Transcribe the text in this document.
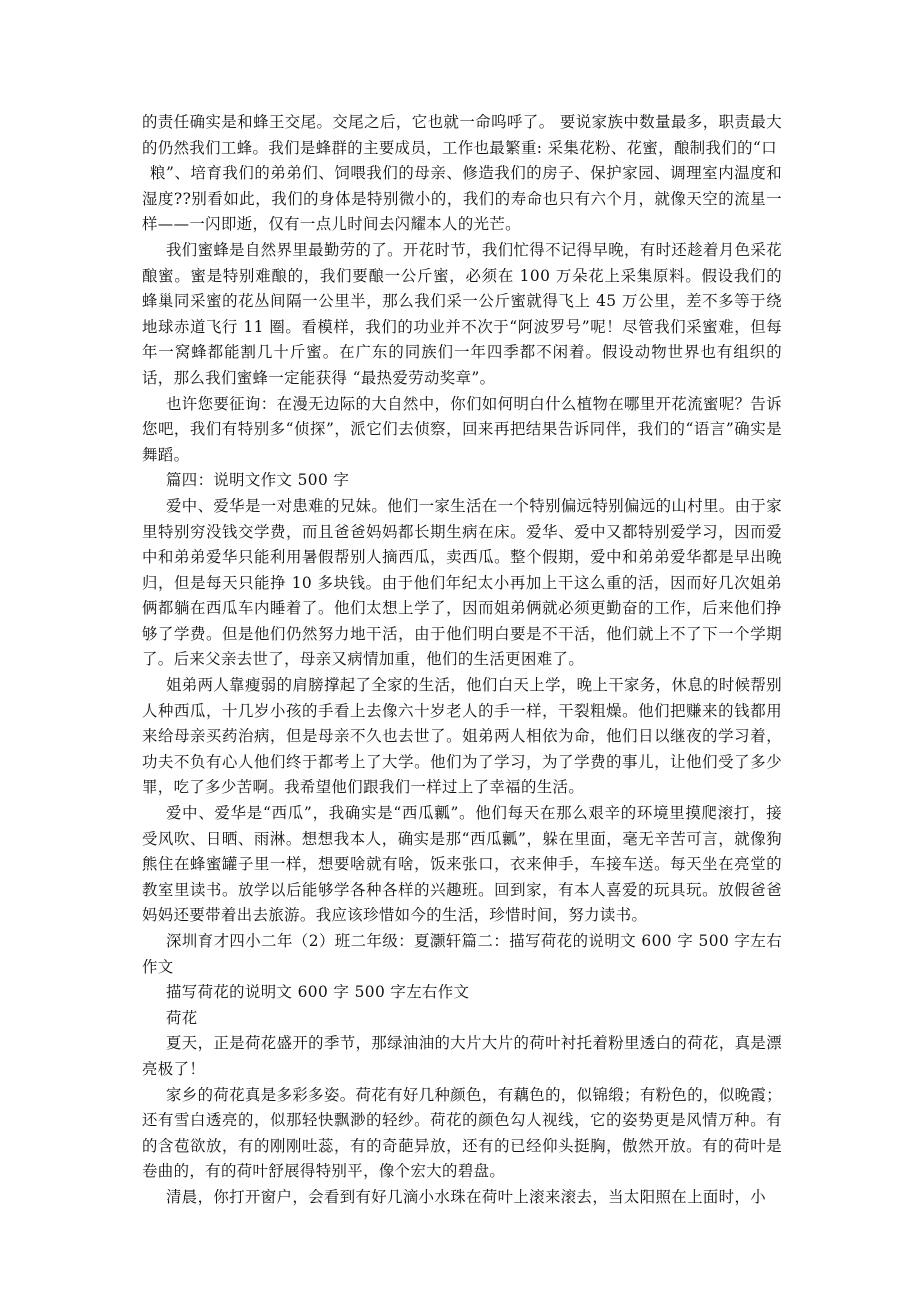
的责任确实是和蜂王交尾。交尾之后，它也就一命呜呼了。 要说家族中数量最多，职责最大的仍然我们工蜂。我们是蜂群的主要成员，工作也最繁重: 采集花粉、花蜜，酿制我们的“口

粮”、培育我们的弟弟们、饲喂我们的母亲、修造我们的房子、保护家园、调理室内温度和湿度??别看如此，我们的身体是特别微小的，我们的寿命也只有六个月，就像天空的流星一样——一闪即逝，仅有一点儿时间去闪耀本人的光芒。

我们蜜蜂是自然界里最勤劳的了。开花时节，我们忙得不记得早晚，有时还趁着月色采花酿蜜。蜜是特别难酿的，我们要酿一公斤蜜，必须在 100 万朵花上采集原料。假设我们的蜂巢同采蜜的花丛间隔一公里半，那么我们采一公斤蜜就得飞上 45 万公里，差不多等于绕地球赤道飞行 11 圈。看模样，我们的功业并不次于“阿波罗号”呢！尽管我们采蜜难，但每年一窝蜂都能割几十斤蜜。在广东的同族们一年四季都不闲着。假设动物世界也有组织的话，那么我们蜜蜂一定能获得 “最热爱劳动奖章”。

也许您要征询：在漫无边际的大自然中，你们如何明白什么植物在哪里开花流蜜呢？告诉您吧，我们有特别多“侦探”，派它们去侦察，回来再把结果告诉同伴，我们的“语言”确实是舞蹈。

篇四：说明文作文 500 字

爱中、爱华是一对患难的兄妹。他们一家生活在一个特别偏远特别偏远的山村里。由于家里特别穷没钱交学费，而且爸爸妈妈都长期生病在床。爱华、爱中又都特别爱学习，因而爱中和弟弟爱华只能利用暑假帮别人摘西瓜，卖西瓜。整个假期，爱中和弟弟爱华都是早出晚归，但是每天只能挣 10 多块钱。由于他们年纪太小再加上干这么重的活，因而好几次姐弟俩都躺在西瓜车内睡着了。他们太想上学了，因而姐弟俩就必须更勤奋的工作，后来他们挣够了学费。但是他们仍然努力地干活，由于他们明白要是不干活，他们就上不了下一个学期了。后来父亲去世了，母亲又病情加重，他们的生活更困难了。

姐弟两人靠瘦弱的肩膀撑起了全家的生活，他们白天上学，晚上干家务，休息的时候帮别人种西瓜，十几岁小孩的手看上去像六十岁老人的手一样，干裂粗燥。他们把赚来的钱都用来给母亲买药治病，但是母亲不久也去世了。姐弟两人相依为命，他们日以继夜的学习着，功夫不负有心人他们终于都考上了大学。他们为了学习，为了学费的事儿，让他们受了多少罪，吃了多少苦啊。我希望他们跟我们一样过上了幸福的生活。

爱中、爱华是“西瓜”，我确实是“西瓜瓤”。他们每天在那么艰辛的环境里摸爬滚打，接受风吹、日晒、雨淋。想想我本人，确实是那“西瓜瓤”，躲在里面，毫无辛苦可言，就像狗熊住在蜂蜜罐子里一样，想要啥就有啥，饭来张口，衣来伸手，车接车送。每天坐在亮堂的教室里读书。放学以后能够学各种各样的兴趣班。回到家，有本人喜爱的玩具玩。放假爸爸妈妈还要带着出去旅游。我应该珍惜如今的生活，珍惜时间，努力读书。

深圳育才四小二年（2）班二年级：夏灏轩篇二：描写荷花的说明文 600 字 500 字左右作文

描写荷花的说明文 600 字 500 字左右作文

荷花

夏天，正是荷花盛开的季节，那绿油油的大片大片的荷叶衬托着粉里透白的荷花，真是漂亮极了！

家乡的荷花真是多彩多姿。荷花有好几种颜色，有藕色的，似锦缎；有粉色的，似晚霞；还有雪白透亮的，似那轻快飘渺的轻纱。荷花的颜色勾人视线，它的姿势更是风情万种。有的含苞欲放，有的刚刚吐蕊，有的奇葩异放，还有的已经仰头挺胸，傲然开放。有的荷叶是卷曲的，有的荷叶舒展得特别平，像个宏大的碧盘。

清晨，你打开窗户，会看到有好几滴小水珠在荷叶上滚来滚去，当太阳照在上面时，小
